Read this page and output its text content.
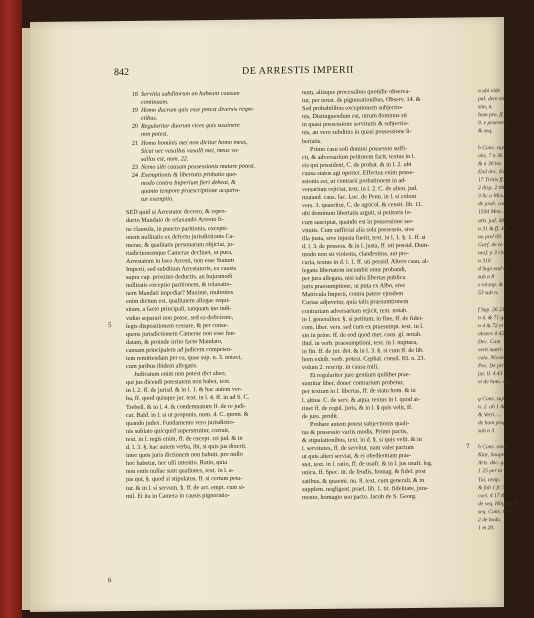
842	DE ARRESTIS IMPERII
18 Servitia subditorum an habeant causam
continuam.
19 Homo ducrum quis esse potest diversis respe-
ctibus.
20 Regulariter duorum vices quis sustinere
non potest.
21 Homo hominis mei non dicitur homo meus,
Sicut nec vasallus vasalli mei, meus va-
sallus est, num. 22.
23 Nemo sibi causam possessionis mutare potest.
24 Exemptionis & libertatis probatio quo-
modo contra Imperium fieri debeat, &
quanto tempore praescriptione acquira-
tur exemptio.
SED quid si Arrestator decreto, & repro-
ducto Mandato de relaxando Arresto fi-
ne clausula, in puncto paritionis, excepti-
onem nullitatis ex defectu jurisdictionis Ca-
merae, & qualitatis personarum objiciat, ju-
risdictionemque Camerae declinet, ut pura,
Arrestatum in loco Arresti, non esse Statum
Imperii, sed subditum Arrestatoris, ex causis
supra cap. proximo deductis, an hujusmodi
nullitatis exceptio paritionem, & relaxatio-
nem Mandati impediat? Maximè, multoties
enim dictum est, qualitatem allegae requi-
sitam, a facto principali, tanquam ino indi-
viduo separari non posse, sed ea deficiente,
legis dispositionem cessare, & per conse-
quens jurisdictionem Camerae non esse fun-
datam, & proinde irrito facto Mandato,
causam principalem ad judicem competen-
tem remittendam per ea, quae sup. n. 3. notavi,
cum juribus ibidem allegatis.
Judicatum enim non potest dici abeo,
qui jus dicendi potestatem non habet, text.
in l. 2. ff. de jurisd. & in l. 1. & hac autem ver-
ba, ff. quod quisque jur. text. in l. 4. ff. in ad S. C.
Trebell. & in l. 4. & condemnatum ff. de re judi-
cat. Bald. in l. si ut proponis, num. 4. C. quom. &
quando judex. Fundamento vero jurisdictio-
nis sublato quicquid superstruitur, corruit,
text. in l. regis enim, ff. de except. rei jud. & in
d. l. 3. §. hac autem verba, ibi, si quis jus dixerit,
inter quos juris dictionem non habuit, pro nullo
hoc habetur, nec ulli intentio. Ratio, quia
non entis nullae sunt qualitates, text. in l. a-
jus qui, §. quod si stipulatus, ff. si certum peta-
tur. & in l. si servum, §. ff. de act. empt. cum si-
mil. Et ita in Camera in causis pignoratio-
num, aliisque processibus quotidie observa-
tur, per notat. de pignorationibus, Observ. 14. &
Sed probabilibus exceptionem subjectio-
nis, Distinguendum est, utrum dominus sit
in quasi possessione servitutis & subjectio-
nis, an vero subditus in quasi possessione li-
bertatis.
Primo casu soli domini possessio suffi-
cit, & adversarium petitorem facit, textus in l.
eis qui possident, C. de probat. & in l. 2. ubi
causa status agi oportet. Effectus enim posse-
ssionis est, ut contrarii probationem in ad-
versarium rejiciat, text. in l. 2. C. de alien. jud.
mutand. caus. fac. Luc. de Penn. in l. si coloni
vers. 3. quaeritur, C. de agricol. & censit. lib. 11.
ubi dominum libertatis arguit, si petitoris lo-
cum suscipiat, quando est in possessione ser-
vitutis. Cum sufficiat alia sola possessio, sive
illa justa, sive injusta fuerit, text. in l. 1. §. 1. ff. si
d. l. 3. de possess. & in l. justa, ff. uti possid. Dum-
modo non sit violenta, clandestina, aut pre-
caria, textus in d. l. 1. ff. uti possid. Altero casu, al-
legans libertatem incumbit onus probandi,
per jura allegata, nisi talis libertas publica
juris praesumptione, ut puta ex Albo, sive
Matricula Imperii, contra patere ejusdem
Curiae adjuvetur, quia talis praesumtionem
contrariam adversarium rejicit, text. notab.
in l. generaliter. §. si petitum, in fine, ff. de fidei-
com. liber. vers. sed cum ex praesumpt. text. in l.
sin in prine. ff. de eod quod met. caus. gl. notab.
ibid. in verb. praesumptioni, text. in l. nuptura,
in fin. ff. de jur. dot. & in l. 3. §. si cum ff. de lib.
hom exhib. verb. potest. Cephal. consil. 83. n. 23.
volum 2. rescrip. in causa mili.
Et regulariter jure gentium quilibet prae-
sumitur liber, donec contrarium probetur,
per textum in l. libertas, ff. de statu hom. & in
l. altius. C. de serv. & aqua. textus in l. quod at-
tinet ff. de regul. juris, & in l. § quis velit, ff.
de jure. prodit.
Probare autem potest subjectionis quali-
tas & possessio variis modis. Primo pactis,
& stipulationibus, text. in d. §. si quis velit. & in
l. servitutes, ff. de servitut. nam valet pactum
ut quis alteri serviat, & ei obedientiam prae-
stet, text. in l. ratio, ff. de usufr. & in l. jus usufr. leg.
unica, ff. Spec. tit. de feudis, homag. & fidel. post
satibus, & quaemi. nu. 8. text. cum generali, & in
supplem. negligent. prael. lib. 1. tit. fidelitate, jura-
mento, homagio seu pacto. Jacob de S. Georg.
a ubi vide
pul. dere stu-
sim, n.
hom pro. ff.
9. e praesens
& seq.

b Cons. sup. 1
obs. 7 n 36
& n 30 les
End dec. Ka
17 Trinis ff.
2 disp. 2 tth
3 lic a Mos.
de prob. com
1594 Men. s.
arb. jud. 48
n 31 & ff. 48
no prel 69
Garf. de le-
nesf. p 3 ris
n 310
d Supi end st.
sub n 8
e virsup. & n
53 sub n.

f Sup. 26 21
n 4. & 71 gr
n 4 & 72 et
observ 4 45
Dec. Cam
verb matri-
cula. Nicola
Pos. De priv
jur. ll. 4 43
et de hom. aff

g Cons. sup 5
n. 2. ob 1 & 5
& Vetri. ...
de hom prof.
sub n 3

h Cons. omni
Ktat. Saupe.
Arts. dec. gr. 1
1 25 per to
Tui. temp.
& fub 1 fr. 5
cort. 4 17 &
de seq. Hinjam. &
seq. Cons. tic.
2 de bodo.
1 m 20.
5
6
7
